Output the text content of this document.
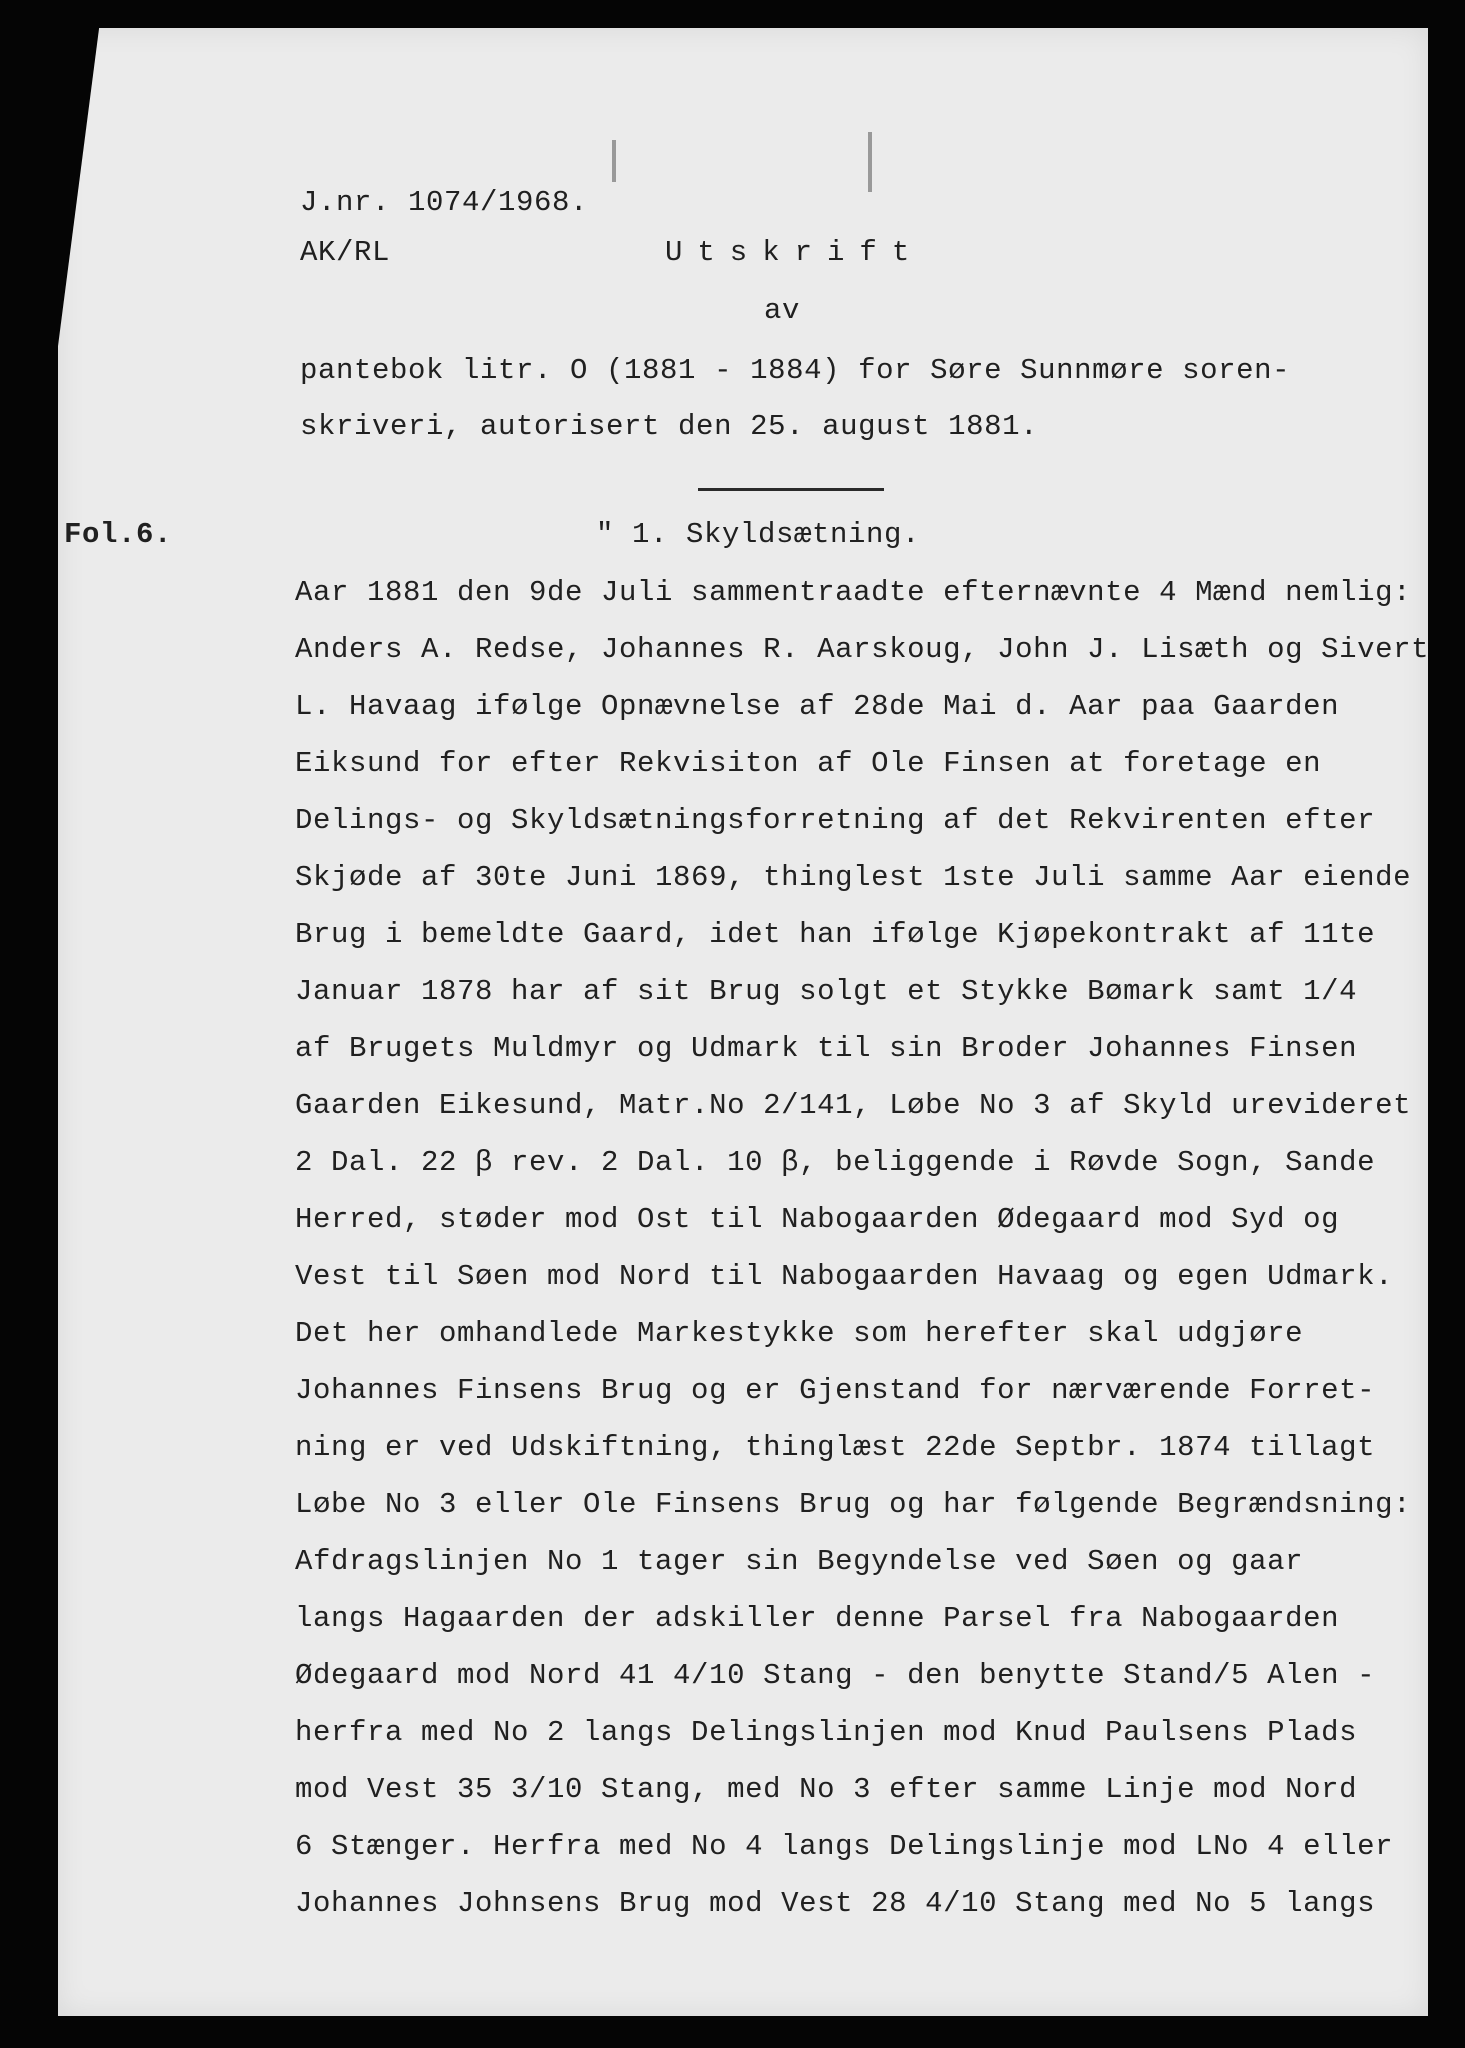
J.nr. 1074/1968.
AK/RL	Utskrift
av
pantebok litr. O (1881 - 1884) for Søre Sunnmøre soren-
skriveri, autorisert den 25. august 1881.
Fol.6.	" 1. Skyldsætning.
Aar 1881 den 9de Juli sammentraadte efternævnte 4 Mænd nemlig:
Anders A. Redse, Johannes R. Aarskoug, John J. Lisæth og Sivert
L. Havaag ifølge Opnævnelse af 28de Mai d. Aar paa Gaarden
Eiksund for efter Rekvisiton af Ole Finsen at foretage en
Delings- og Skyldsætningsforretning af det Rekvirenten efter
Skjøde af 30te Juni 1869, thinglest 1ste Juli samme Aar eiende
Brug i bemeldte Gaard, idet han ifølge Kjøpekontrakt af 11te
Januar 1878 har af sit Brug solgt et Stykke Bømark samt 1/4
af Brugets Muldmyr og Udmark til sin Broder Johannes Finsen
Gaarden Eikesund, Matr.No 2/141, Løbe No 3 af Skyld urevideret
2 Dal. 22 β rev. 2 Dal. 10 β, beliggende i Røvde Sogn, Sande
Herred, støder mod Ost til Nabogaarden Ødegaard mod Syd og
Vest til Søen mod Nord til Nabogaarden Havaag og egen Udmark.
Det her omhandlede Markestykke som herefter skal udgjøre
Johannes Finsens Brug og er Gjenstand for nærværende Forret-
ning er ved Udskiftning, thinglæst 22de Septbr. 1874 tillagt
Løbe No 3 eller Ole Finsens Brug og har følgende Begrændsning:
Afdragslinjen No 1 tager sin Begyndelse ved Søen og gaar
langs Hagaarden der adskiller denne Parsel fra Nabogaarden
Ødegaard mod Nord 41 4/10 Stang - den benytte Stand/5 Alen -
herfra med No 2 langs Delingslinjen mod Knud Paulsens Plads
mod Vest 35 3/10 Stang, med No 3 efter samme Linje mod Nord
6 Stænger. Herfra med No 4 langs Delingslinje mod LNo 4 eller
Johannes Johnsens Brug mod Vest 28 4/10 Stang med No 5 langs
